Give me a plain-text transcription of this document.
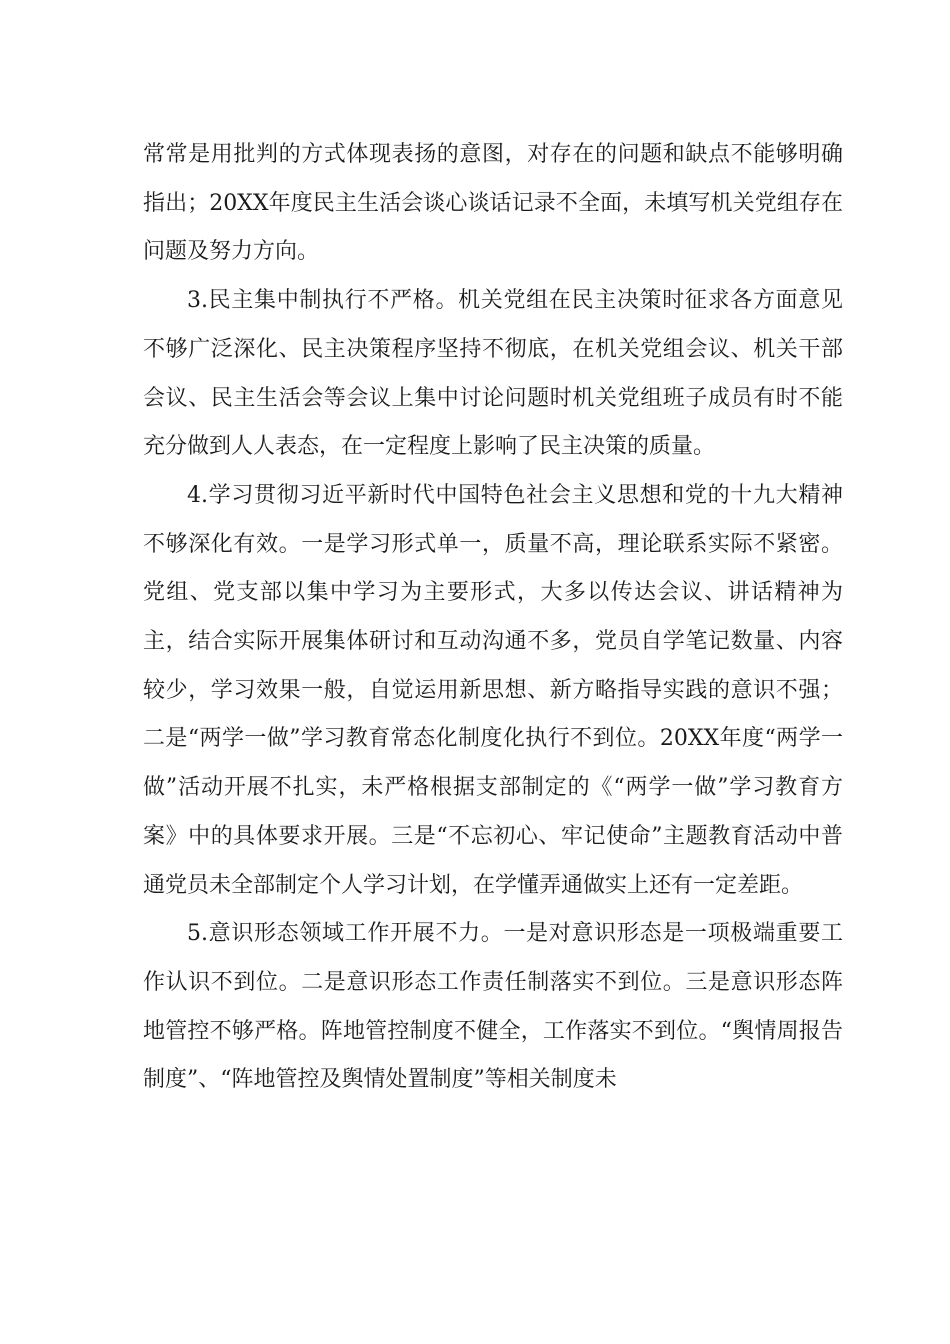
常常是用批判的方式体现表扬的意图，对存在的问题和缺点不能够明确指出；20XX年度民主生活会谈心谈话记录不全面，未填写机关党组存在问题及努力方向。

3.民主集中制执行不严格。机关党组在民主决策时征求各方面意见不够广泛深化、民主决策程序坚持不彻底，在机关党组会议、机关干部会议、民主生活会等会议上集中讨论问题时机关党组班子成员有时不能充分做到人人表态，在一定程度上影响了民主决策的质量。

4.学习贯彻习近平新时代中国特色社会主义思想和党的十九大精神不够深化有效。一是学习形式单一，质量不高，理论联系实际不紧密。党组、党支部以集中学习为主要形式，大多以传达会议、讲话精神为主，结合实际开展集体研讨和互动沟通不多，党员自学笔记数量、内容较少，学习效果一般，自觉运用新思想、新方略指导实践的意识不强；二是“两学一做”学习教育常态化制度化执行不到位。20XX年度“两学一做”活动开展不扎实，未严格根据支部制定的《“两学一做”学习教育方案》中的具体要求开展。三是“不忘初心、牢记使命”主题教育活动中普通党员未全部制定个人学习计划，在学懂弄通做实上还有一定差距。

5.意识形态领域工作开展不力。一是对意识形态是一项极端重要工作认识不到位。二是意识形态工作责任制落实不到位。三是意识形态阵地管控不够严格。阵地管控制度不健全，工作落实不到位。“舆情周报告制度”、“阵地管控及舆情处置制度”等相关制度未
